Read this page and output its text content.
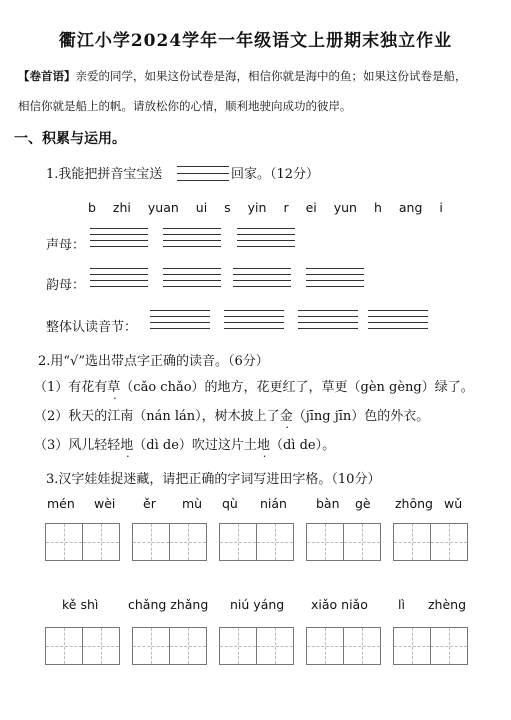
衢江小学2024学年一年级语文上册期末独立作业
【卷首语】亲爱的同学，如果这份试卷是海，相信你就是海中的鱼；如果这份试卷是船，
相信你就是船上的帆。请放松你的心情，顺利地驶向成功的彼岸。
一、积累与运用。
1.我能把拼音宝宝送	回家。（12分）
b zhi yuan ui s yin r ei yun h ang i
声母：
韵母：
整体认读音节：
2.用“√”选出带点字正确的读音。（6分）
（1）有花有草（cǎo chǎo）的地方，花更红了，草更（gèn gèng）绿了。
（2）秋天的江南（nán lán），树木披上了金（jīng jīn）色的外衣。
（3）风儿轻轻地（dì de）吹过这片土地（dì de）。
3.汉字娃娃捉迷藏，请把正确的字词写进田字格。（10分）
mén wèi ěr mù qù nián bàn gè zhōng wǔ
kě shì chǎng zhǎng niú yáng xiǎo niǎo lì zhèng
